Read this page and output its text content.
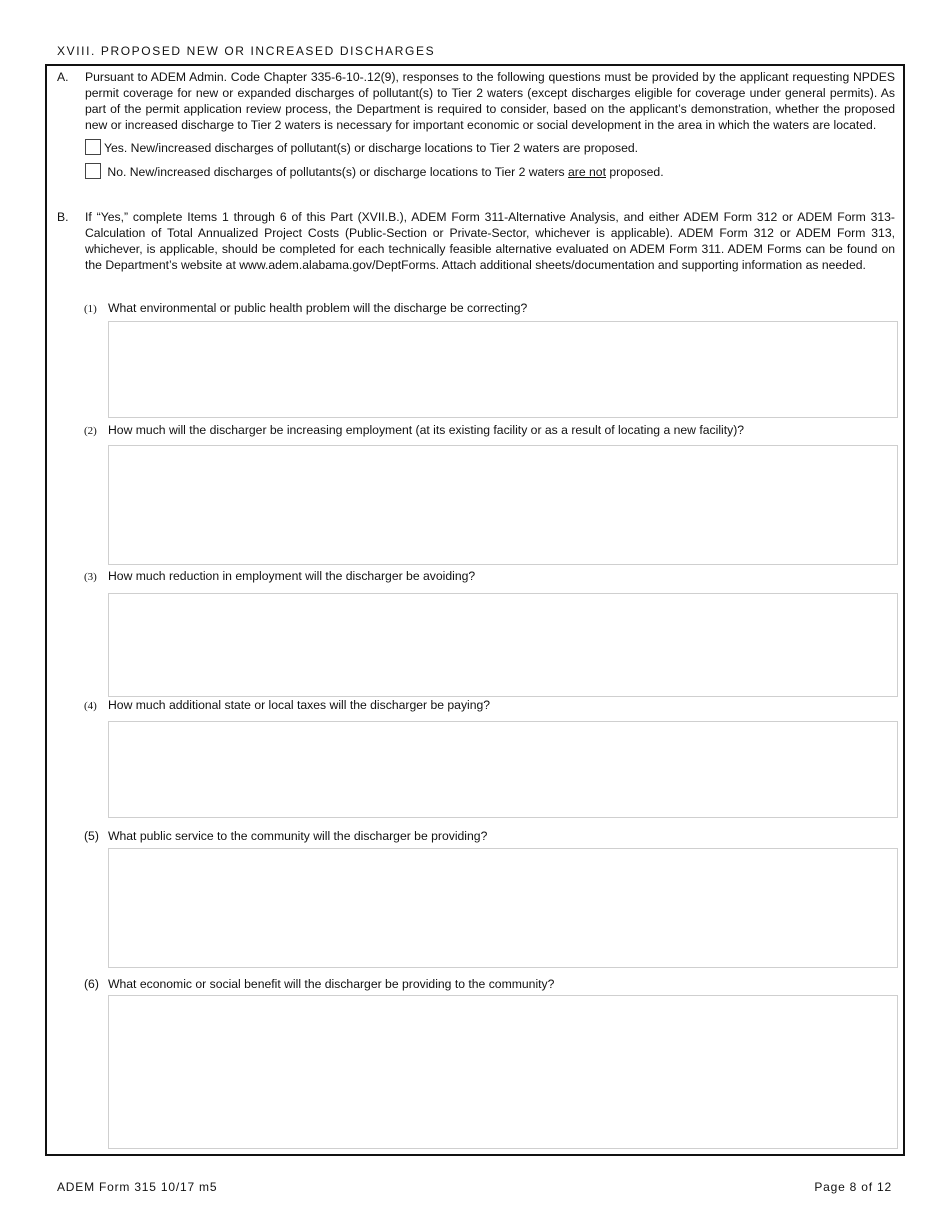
XVIII. PROPOSED NEW OR INCREASED DISCHARGES
A.	Pursuant to ADEM Admin. Code Chapter 335-6-10-.12(9), responses to the following questions must be provided by the applicant requesting NPDES permit coverage for new or expanded discharges of pollutant(s) to Tier 2 waters (except discharges eligible for coverage under general permits). As part of the permit application review process, the Department is required to consider, based on the applicant’s demonstration, whether the proposed new or increased discharge to Tier 2 waters is necessary for important economic or social development in the area in which the waters are located.
Yes. New/increased discharges of pollutant(s) or discharge locations to Tier 2 waters are proposed.
No. New/increased discharges of pollutants(s) or discharge locations to Tier 2 waters are not proposed.
B.	If “Yes,” complete Items 1 through 6 of this Part (XVII.B.), ADEM Form 311-Alternative Analysis, and either ADEM Form 312 or ADEM Form 313-Calculation of Total Annualized Project Costs (Public-Section or Private-Sector, whichever is applicable). ADEM Form 312 or ADEM Form 313, whichever, is applicable, should be completed for each technically feasible alternative evaluated on ADEM Form 311. ADEM Forms can be found on the Department’s website at www.adem.alabama.gov/DeptForms. Attach additional sheets/documentation and supporting information as needed.
(1) What environmental or public health problem will the discharge be correcting?
(2) How much will the discharger be increasing employment (at its existing facility or as a result of locating a new facility)?
(3) How much reduction in employment will the discharger be avoiding?
(4) How much additional state or local taxes will the discharger be paying?
(5) What public service to the community will the discharger be providing?
(6) What economic or social benefit will the discharger be providing to the community?
ADEM Form 315 10/17 m5	Page 8 of 12
